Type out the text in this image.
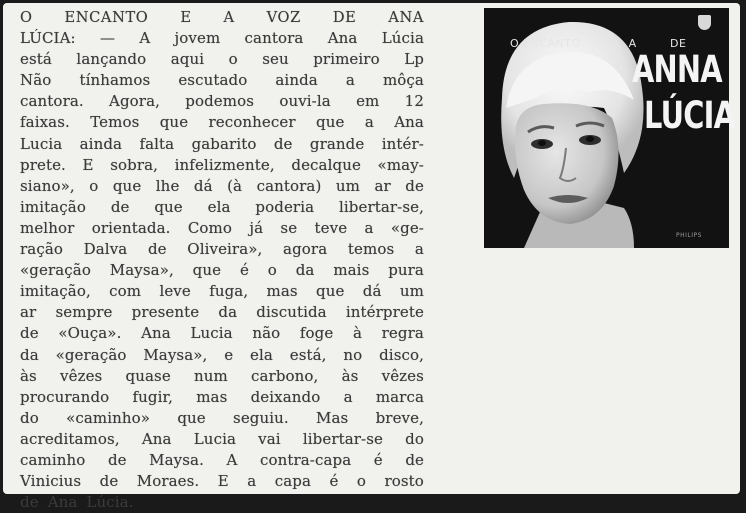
O ENCANTO E A VOZ DE ANA
LÚCIA: — A jovem cantora Ana Lúcia
está lançando aqui o seu primeiro Lp
Não tínhamos escutado ainda a môça
cantora. Agora, podemos ouvi-la em 12
faixas. Temos que reconhecer que a Ana
Lucia ainda falta gabarito de grande intér-
prete. E sobra, infelizmente, decalque «may-
siano», o que lhe dá (à cantora) um ar de
imitação de que ela poderia libertar-se,
melhor orientada. Como já se teve a «ge-
ração Dalva de Oliveira», agora temos a
«geração Maysa», que é o da mais pura
imitação, com leve fuga, mas que dá um
ar sempre presente da discutida intérprete
de «Ouça». Ana Lucia não foge à regra
da «geração Maysa», e ela está, no disco,
às vêzes quase num carbono, às vêzes
procurando fugir, mas deixando a marca
do «caminho» que seguiu. Mas breve,
acreditamos, Ana Lucia vai libertar-se do
caminho de Maysa. A contra-capa é de
Vinicius de Moraes. E a capa é o rosto
de Ana Lúcia.
O ENCANTO	A	DE
ANNA
LÚCIA
PHILIPS
